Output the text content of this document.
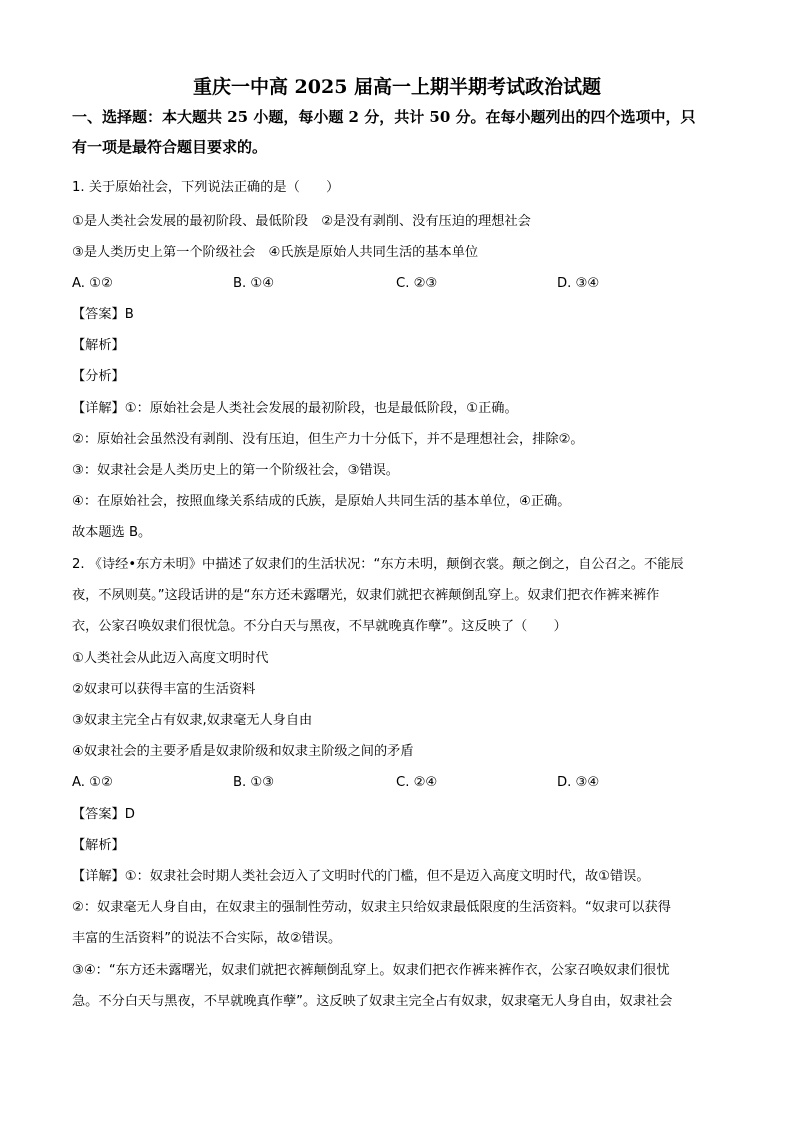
重庆一中高 2025 届高一上期半期考试政治试题
一、选择题：本大题共 25 小题，每小题 2 分，共计 50 分。在每小题列出的四个选项中，只
有一项是最符合题目要求的。
1. 关于原始社会，下列说法正确的是（　　）
①是人类社会发展的最初阶段、最低阶段　②是没有剥削、没有压迫的理想社会
③是人类历史上第一个阶级社会　④氏族是原始人共同生活的基本单位
A. ①②	B. ①④	C. ②③	D. ③④
【答案】B
【解析】
【分析】
【详解】①：原始社会是人类社会发展的最初阶段，也是最低阶段，①正确。
②：原始社会虽然没有剥削、没有压迫，但生产力十分低下，并不是理想社会，排除②。
③：奴隶社会是人类历史上的第一个阶级社会，③错误。
④：在原始社会，按照血缘关系结成的氏族，是原始人共同生活的基本单位，④正确。
故本题选 B。
2. 《诗经•东方未明》中描述了奴隶们的生活状况：“东方未明，颠倒衣裳。颠之倒之，自公召之。不能辰
夜，不夙则莫。”这段话讲的是“东方还未露曙光，奴隶们就把衣裤颠倒乱穿上。奴隶们把衣作裤来裤作
衣，公家召唤奴隶们很忧急。不分白天与黑夜，不早就晚真作孽”。这反映了（　　）
①人类社会从此迈入高度文明时代
②奴隶可以获得丰富的生活资料
③奴隶主完全占有奴隶,奴隶毫无人身自由
④奴隶社会的主要矛盾是奴隶阶级和奴隶主阶级之间的矛盾
A. ①②	B. ①③	C. ②④	D. ③④
【答案】D
【解析】
【详解】①：奴隶社会时期人类社会迈入了文明时代的门槛，但不是迈入高度文明时代，故①错误。
②：奴隶毫无人身自由，在奴隶主的强制性劳动，奴隶主只给奴隶最低限度的生活资料。“奴隶可以获得
丰富的生活资料”的说法不合实际，故②错误。
③④：“东方还未露曙光，奴隶们就把衣裤颠倒乱穿上。奴隶们把衣作裤来裤作衣，公家召唤奴隶们很忧
急。不分白天与黑夜，不早就晚真作孽”。这反映了奴隶主完全占有奴隶，奴隶毫无人身自由，奴隶社会
